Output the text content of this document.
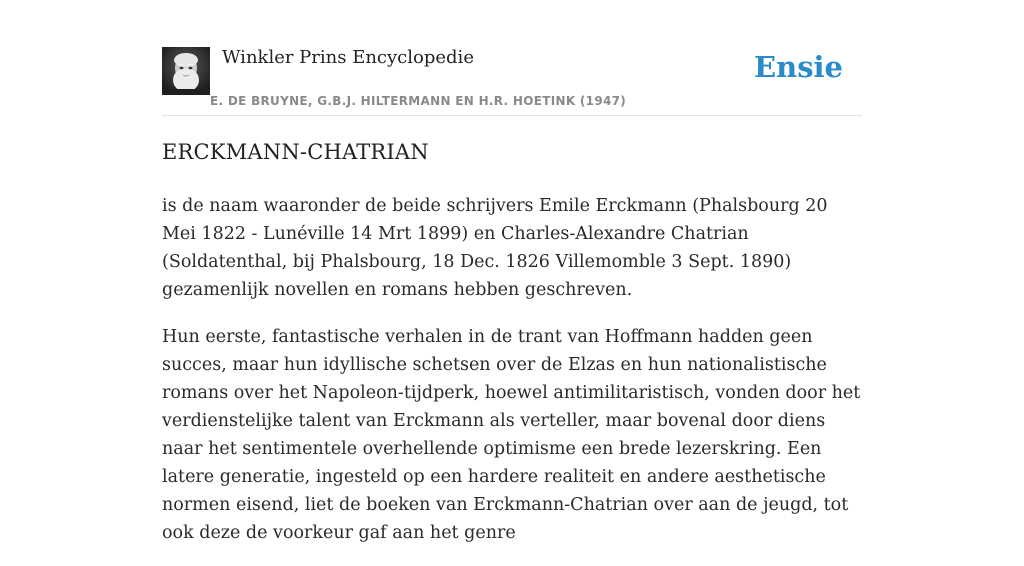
Winkler Prins Encyclopedie
E. DE BRUYNE, G.B.J. HILTERMANN EN H.R. HOETINK (1947)
Ensie
ERCKMANN-CHATRIAN

is de naam waaronder de beide schrijvers Emile Erckmann (Phalsbourg 20 Mei 1822 - Lunéville 14 Mrt 1899) en Charles-Alexandre Chatrian (Soldatenthal, bij Phalsbourg, 18 Dec. 1826 Villemomble 3 Sept. 1890) gezamenlijk novellen en romans hebben geschreven.

Hun eerste, fantastische verhalen in de trant van Hoffmann hadden geen succes, maar hun idyllische schetsen over de Elzas en hun nationalistische romans over het Napoleon-tijdperk, hoewel antimilitaristisch, vonden door het verdienstelijke talent van Erckmann als verteller, maar bovenal door diens naar het sentimentele overhellende optimisme een brede lezerskring. Een latere generatie, ingesteld op een hardere realiteit en andere aesthetische normen eisend, liet de boeken van Erckmann-Chatrian over aan de jeugd, tot ook deze de voorkeur gaf aan het genre
